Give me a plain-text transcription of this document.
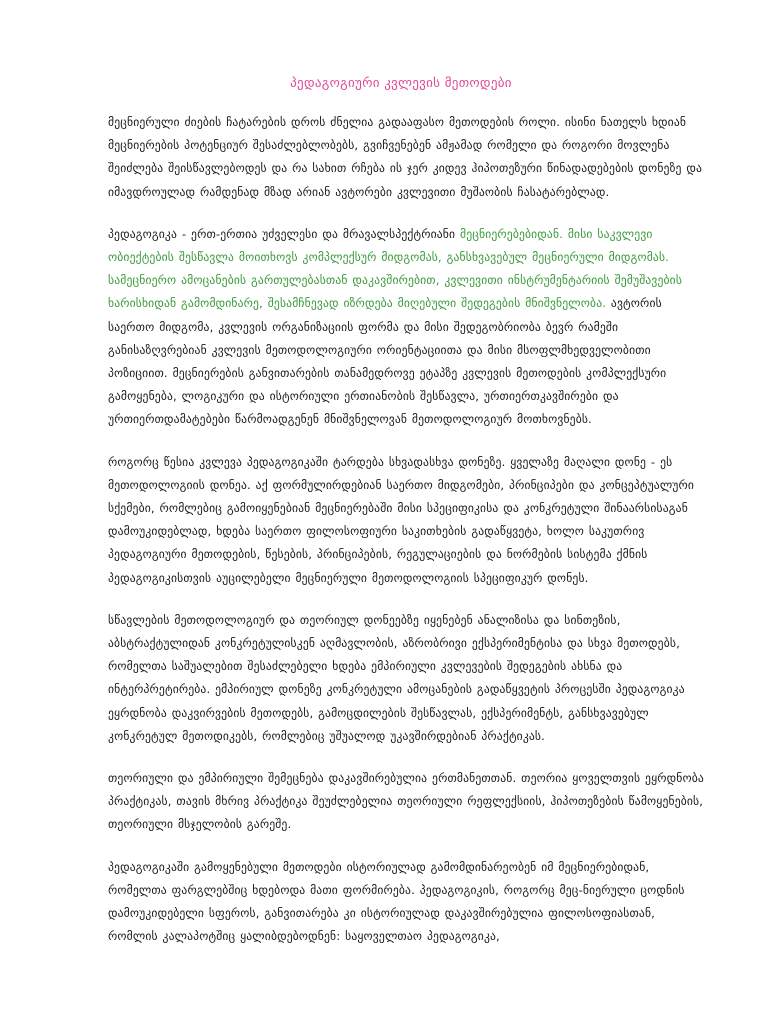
პედაგოგიური კვლევის მეთოდები

მეცნიერული ძიების ჩატარების დროს ძნელია გადააფასო მეთოდების როლი. ისინი ნათელს ხდიან მეცნიერების პოტენციურ შესაძლებლობებს, გვიჩვენებენ ამჟამად რომელი და როგორი მოვლენა შეიძლება შეისწავლებოდეს და რა სახით რჩება ის ჯერ კიდევ ჰიპოთეზური წინადადებების დონეზე და იმავდროულად რამდენად მზად არიან ავტორები კვლევითი მუშაობის ჩასატარებლად.

პედაგოგიკა - ერთ-ერთია უძველესი და მრავალსპექტრიანი მეცნიერებებიდან. მისი საკვლევი ობიექტების შესწავლა მოითხოვს კომპლექსურ მიდგომას, განსხვავებულ მეცნიერული მიდგომას. სამეცნიერო ამოცანების გართულებასთან დაკავშირებით, კვლევითი ინსტრუმენტარიის შემუშავების ხარისხიდან გამომდინარე, შესამჩნევად იზრდება მიღებული შედეგების მნიშვნელობა. ავტორის საერთო მიდგომა, კვლევის ორგანიზაციის ფორმა და მისი შედეგობრიობა ბევრ რამეში განისაზღვრებიან კვლევის მეთოდოლოგიური ორიენტაციითა და მისი მსოფლმხედველობითი პოზიციით. მეცნიერების განვითარების თანამედროვე ეტაპზე კვლევის მეთოდების კომპლექსური გამოყენება, ლოგიკური და ისტორიული ერთიანობის შესწავლა, ურთიერთკავშირები და ურთიერთდამატებები წარმოადგენენ მნიშვნელოვან მეთოდოლოგიურ მოთხოვნებს.

როგორც წესია კვლევა პედაგოგიკაში ტარდება სხვადასხვა დონეზე. ყველაზე მაღალი დონე - ეს მეთოდოლოგიის დონეა. აქ ფორმულირდებიან საერთო მიდგომები, პრინციპები და კონცეპტუალური სქემები, რომლებიც გამოიყენებიან მეცნიერებაში მისი სპეციფიკისა და კონკრეტული შინაარსისაგან დამოუკიდებლად, ხდება საერთო ფილოსოფიური საკითხების გადაწყვეტა, ხოლო საკუთრივ პედაგოგიური მეთოდების, წესების, პრინციპების, რეგულაციების და ნორმების სისტემა ქმნის პედაგოგიკისთვის აუცილებელი მეცნიერული მეთოდოლოგიის სპეციფიკურ დონეს.

სწავლების მეთოდოლოგიურ და თეორიულ დონეებზე იყენებენ ანალიზისა და სინთეზის, აბსტრაქტულიდან კონკრეტულისკენ აღმავლობის, აზრობრივი ექსპერიმენტისა და სხვა მეთოდებს, რომელთა საშუალებით შესაძლებელი ხდება ემპირიული კვლევების შედეგების ახსნა და ინტერპრეტირება. ემპირიულ დონეზე კონკრეტული ამოცანების გადაწყვეტის პროცესში პედაგოგიკა ეყრდნობა დაკვირვების მეთოდებს, გამოცდილების შესწავლას, ექსპერიმენტს, განსხვავებულ კონკრეტულ მეთოდიკებს, რომლებიც უშუალოდ უკავშირდებიან პრაქტიკას.

თეორიული და ემპირიული შემეცნება დაკავშირებულია ერთმანეთთან. თეორია ყოველთვის ეყრდნობა პრაქტიკას, თავის მხრივ პრაქტიკა შეუძლებელია თეორიული რეფლექსიის, ჰიპოთეზების წამოყენების, თეორიული მსჯელობის გარეშე.

პედაგოგიკაში გამოყენებული მეთოდები ისტორიულად გამომდინარეობენ იმ მეცნიერებიდან, რომელთა ფარგლებშიც ხდებოდა მათი ფორმირება. პედაგოგიკის, როგორც მეც-ნიერული ცოდნის დამოუკიდებელი სფეროს, განვითარება კი ისტორიულად დაკავშირებულია ფილოსოფიასთან, რომლის კალაპოტშიც ყალიბდებოდნენ: საყოველთაო პედაგოგიკა,
